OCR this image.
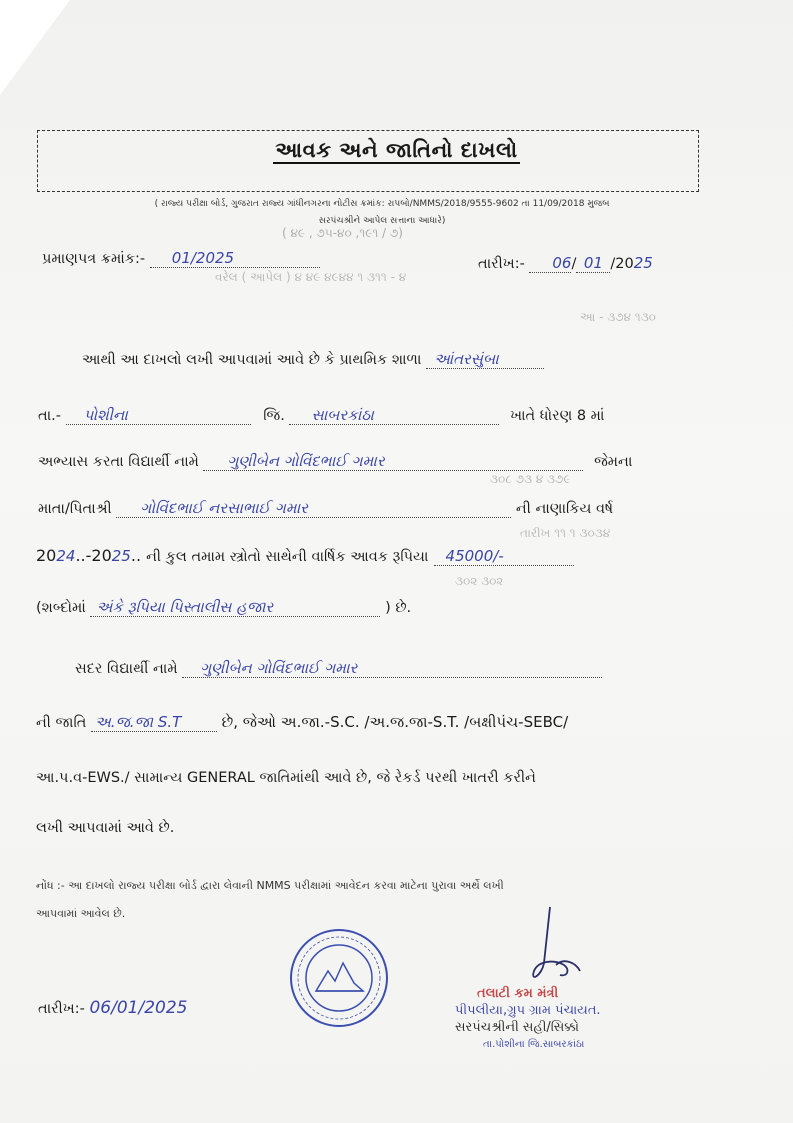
( ૪૯ , ૭૫-૪૦ ,૧૯૧ / ૭)
વરેલ ( આપેલ ) ૪ ૪૯ ૪૯૪૪ ૧ ૩૧૧ - ૪
આ - ૩૭૪ ૧૩૦
૩૦૮ ૭૩ ૪ ૩૭૯
તારીખ ૧૧ ૧ ૩૦૩૪
૩૦૨ ૩૦૨
આવક અને જાતિનો દાખલો
( રાજ્ય પરીક્ષા બોર્ડ, ગુજરાત રાજ્ય ગાંધીનગરના નોટીસ ક્રમાંક: રાપબો/NMMS/2018/9555-9602 તા 11/09/2018 મુજબ
સરપંચશ્રીને આપેલ સત્તાના આધારે)
પ્રમાણપત્ર ક્રમાંક:- 01/2025	તારીખ:- 06/ 01 /2025
આથી આ દાખલો લખી આપવામાં આવે છે કે પ્રાથમિક શાળા આંતરસુંબા
તા.- પોશીના	જિ. સાબરકાંઠા	ખાતે ધોરણ 8 માં
અભ્યાસ કરતા વિદ્યાર્થી નામે ગુણીબેન ગોવિંદભાઈ ગમાર	જેમના
માતા/પિતાશ્રી ગોવિંદભાઈ નરસાભાઈ ગમાર	ની નાણાકિય વર્ષ
2024..-2025.. ની કુલ તમામ સ્ત્રોતો સાથેની વાર્ષિક આવક રૂપિયા 45000/-
(શબ્દોમાં અંકે રૂપિયા પિસ્તાલીસ હજાર	) છે.
સદર વિદ્યાર્થી નામે ગુણીબેન ગોવિંદભાઈ ગમાર
ની જાતિ અ.જ.જા S.T	છે, જેઓ અ.જા.-S.C. /અ.જ.જા-S.T. /બક્ષીપંચ-SEBC/
આ.પ.વ-EWS./ સામાન્ય GENERAL જાતિમાંથી આવે છે, જે રેકર્ડ પરથી ખાતરી કરીને
લખી આપવામાં આવે છે.
નોંધ :- આ દાખલો રાજ્ય પરીક્ષા બોર્ડ દ્વારા લેવાની NMMS પરીક્ષામાં આવેદન કરવા માટેના પુરાવા અર્થે લખી
આપવામાં આવેલ છે.
તલાટી કમ મંત્રી
પીપલીયા,ગ્રુપ ગ્રામ પંચાયત.
સરપંચશ્રીની સહી/સિક્કો
તા.પોશીના જિ.સાબરકાંઠા
તારીખ:- 06/01/2025
